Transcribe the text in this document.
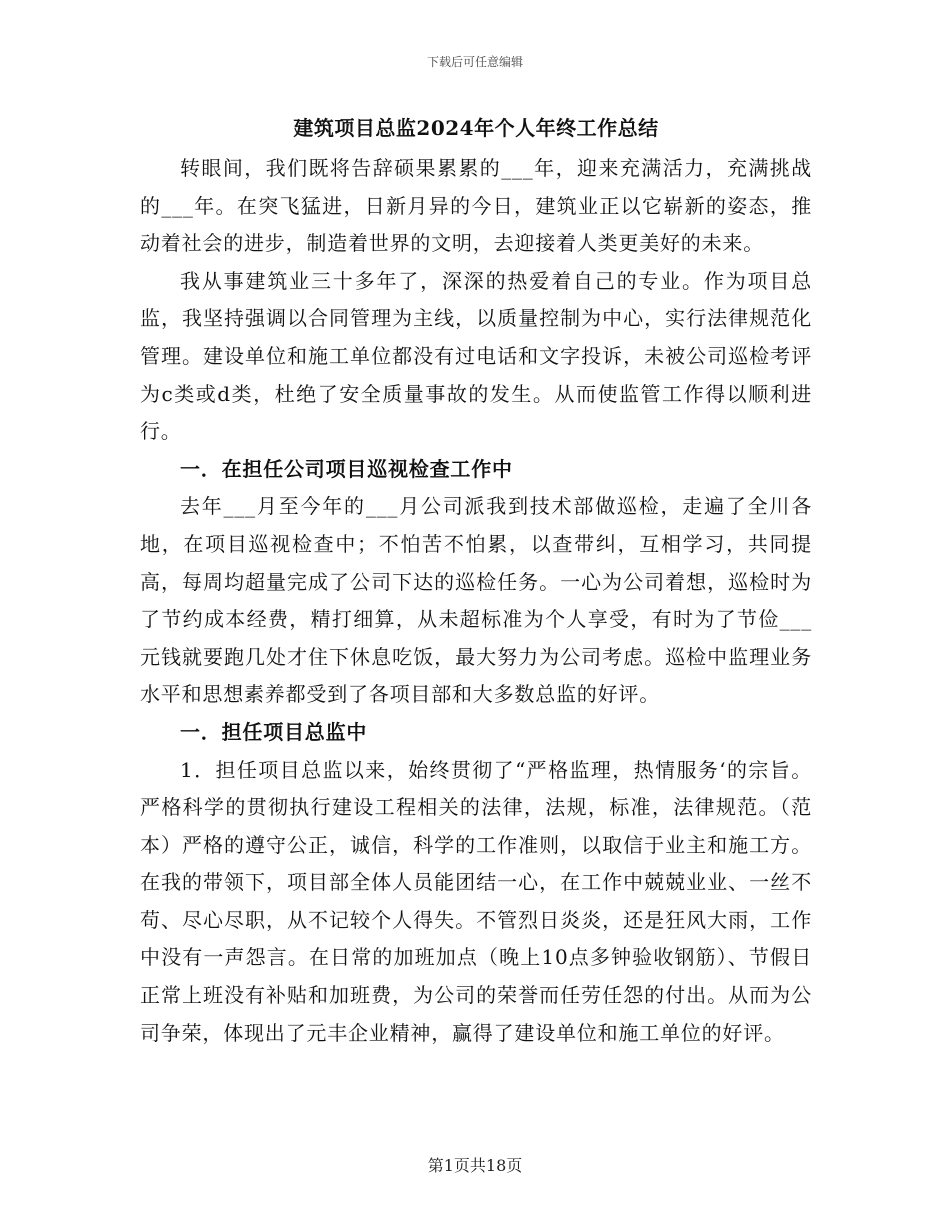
下载后可任意编辑
建筑项目总监2024年个人年终工作总结

转眼间，我们既将告辞硕果累累的___年，迎来充满活力，充满挑战的___年。在突飞猛进，日新月异的今日，建筑业正以它崭新的姿态，推动着社会的进步，制造着世界的文明，去迎接着人类更美好的未来。

我从事建筑业三十多年了，深深的热爱着自己的专业。作为项目总监，我坚持强调以合同管理为主线，以质量控制为中心，实行法律规范化管理。建设单位和施工单位都没有过电话和文字投诉，未被公司巡检考评为c类或d类，杜绝了安全质量事故的发生。从而使监管工作得以顺利进行。

一．在担任公司项目巡视检查工作中

去年___月至今年的___月公司派我到技术部做巡检，走遍了全川各地，在项目巡视检查中；不怕苦不怕累，以查带纠，互相学习，共同提高，每周均超量完成了公司下达的巡检任务。一心为公司着想，巡检时为了节约成本经费，精打细算，从未超标准为个人享受，有时为了节俭___元钱就要跑几处才住下休息吃饭，最大努力为公司考虑。巡检中监理业务水平和思想素养都受到了各项目部和大多数总监的好评。

一．担任项目总监中

1．担任项目总监以来，始终贯彻了“严格监理，热情服务‘的宗旨。严格科学的贯彻执行建设工程相关的法律，法规，标准，法律规范。（范本）严格的遵守公正，诚信，科学的工作准则，以取信于业主和施工方。在我的带领下，项目部全体人员能团结一心，在工作中兢兢业业、一丝不苟、尽心尽职，从不记较个人得失。不管烈日炎炎，还是狂风大雨，工作中没有一声怨言。在日常的加班加点（晚上10点多钟验收钢筋）、节假日正常上班没有补贴和加班费，为公司的荣誉而任劳任怨的付出。从而为公司争荣，体现出了元丰企业精神，赢得了建设单位和施工单位的好评。

第1页共18页
